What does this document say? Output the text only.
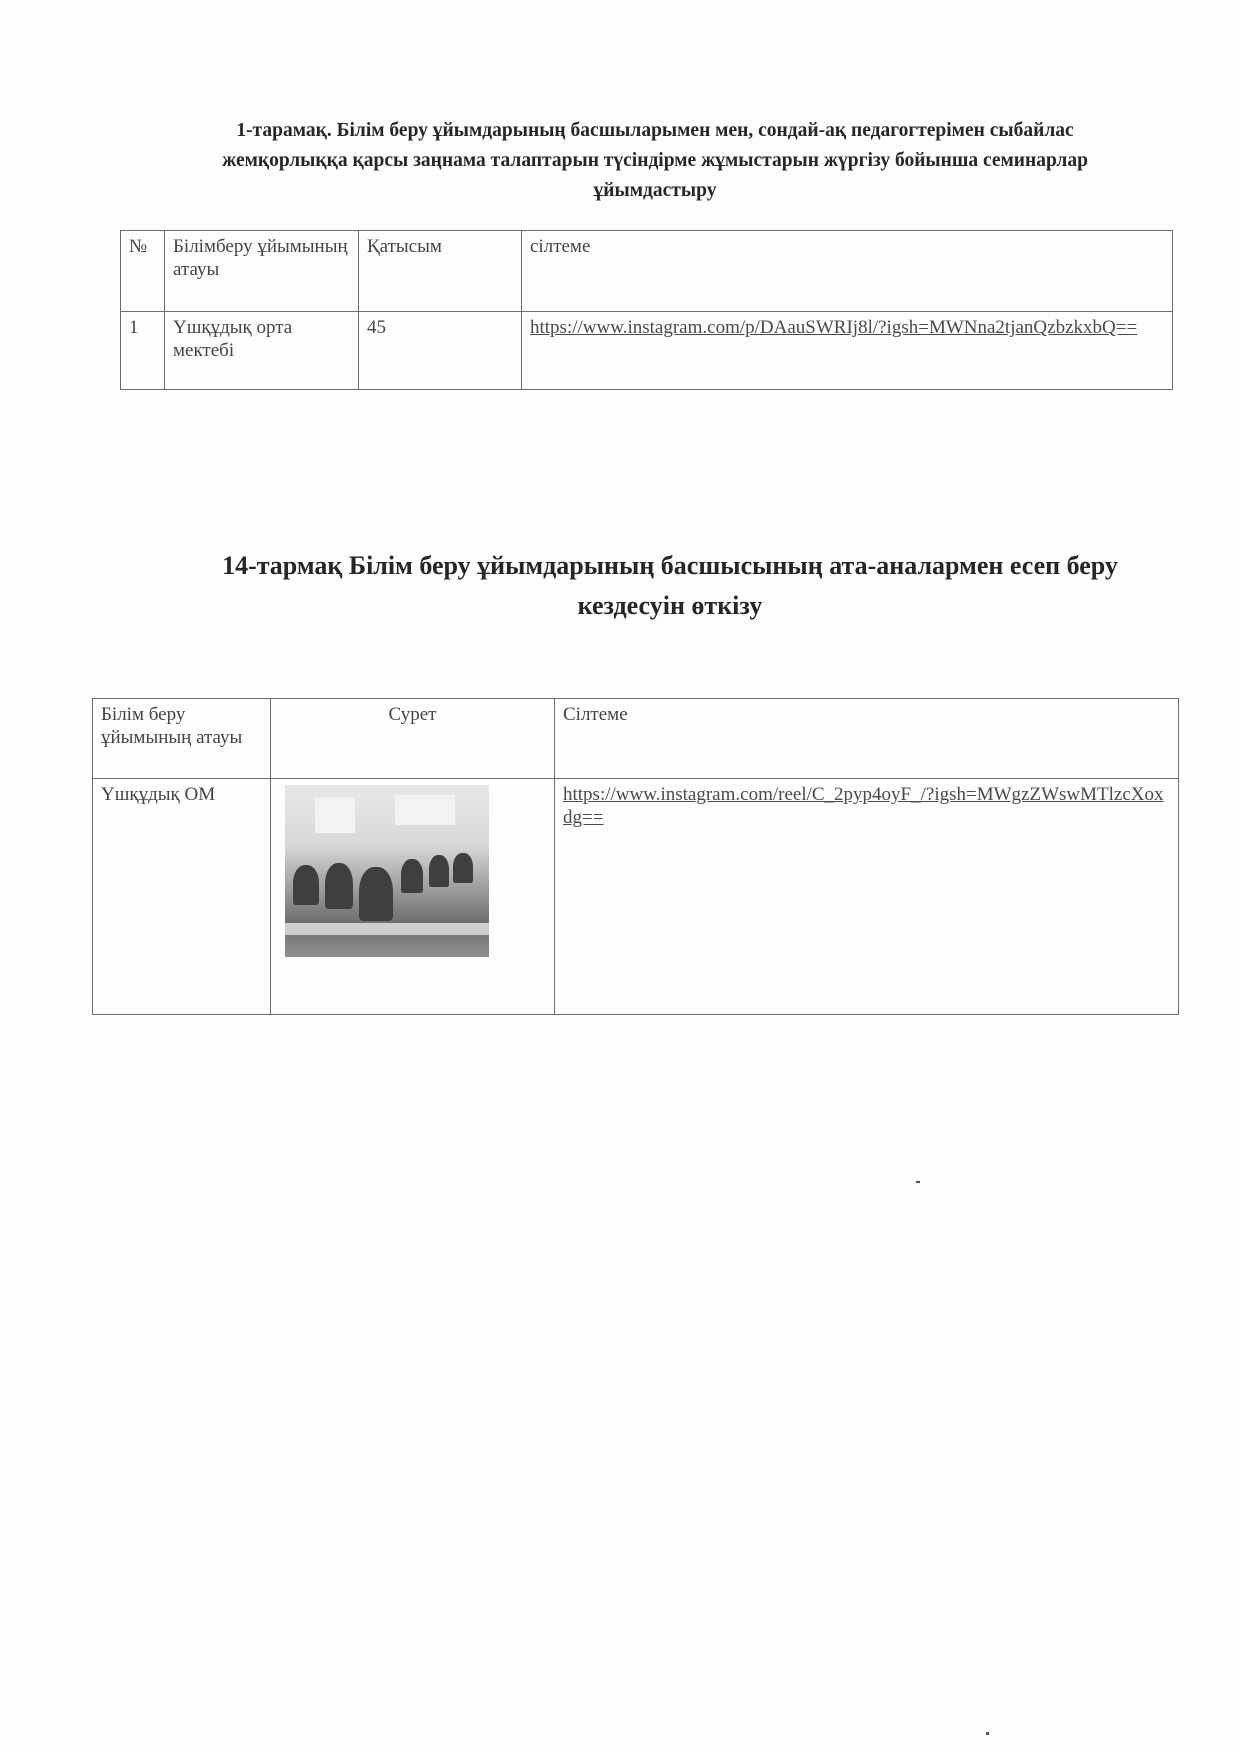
1-тарамақ. Білім беру ұйымдарының басшыларымен мен, сондай-ақ педагогтерімен сыбайлас жемқорлыққа қарсы заңнама талаптарын түсіндірме жұмыстарын жүргізу бойынша семинарлар ұйымдастыру
№	Білімберу ұйымының атауы	Қатысым	сілтеме
1	Үшқұдық орта мектебі	45	https://www.instagram.com/p/DAauSWRIj8l/?igsh=MWNna2tjanQzbzkxbQ==
14-тармақ Білім беру ұйымдарының басшысының ата-аналармен есеп беру кездесуін өткізу
Білім беру ұйымының атауы	Сурет	Сілтеме
Үшқұдық ОМ		https://www.instagram.com/reel/C_2pyp4oyF_/?igsh=MWgzZWswMTlzcXoxdg==
